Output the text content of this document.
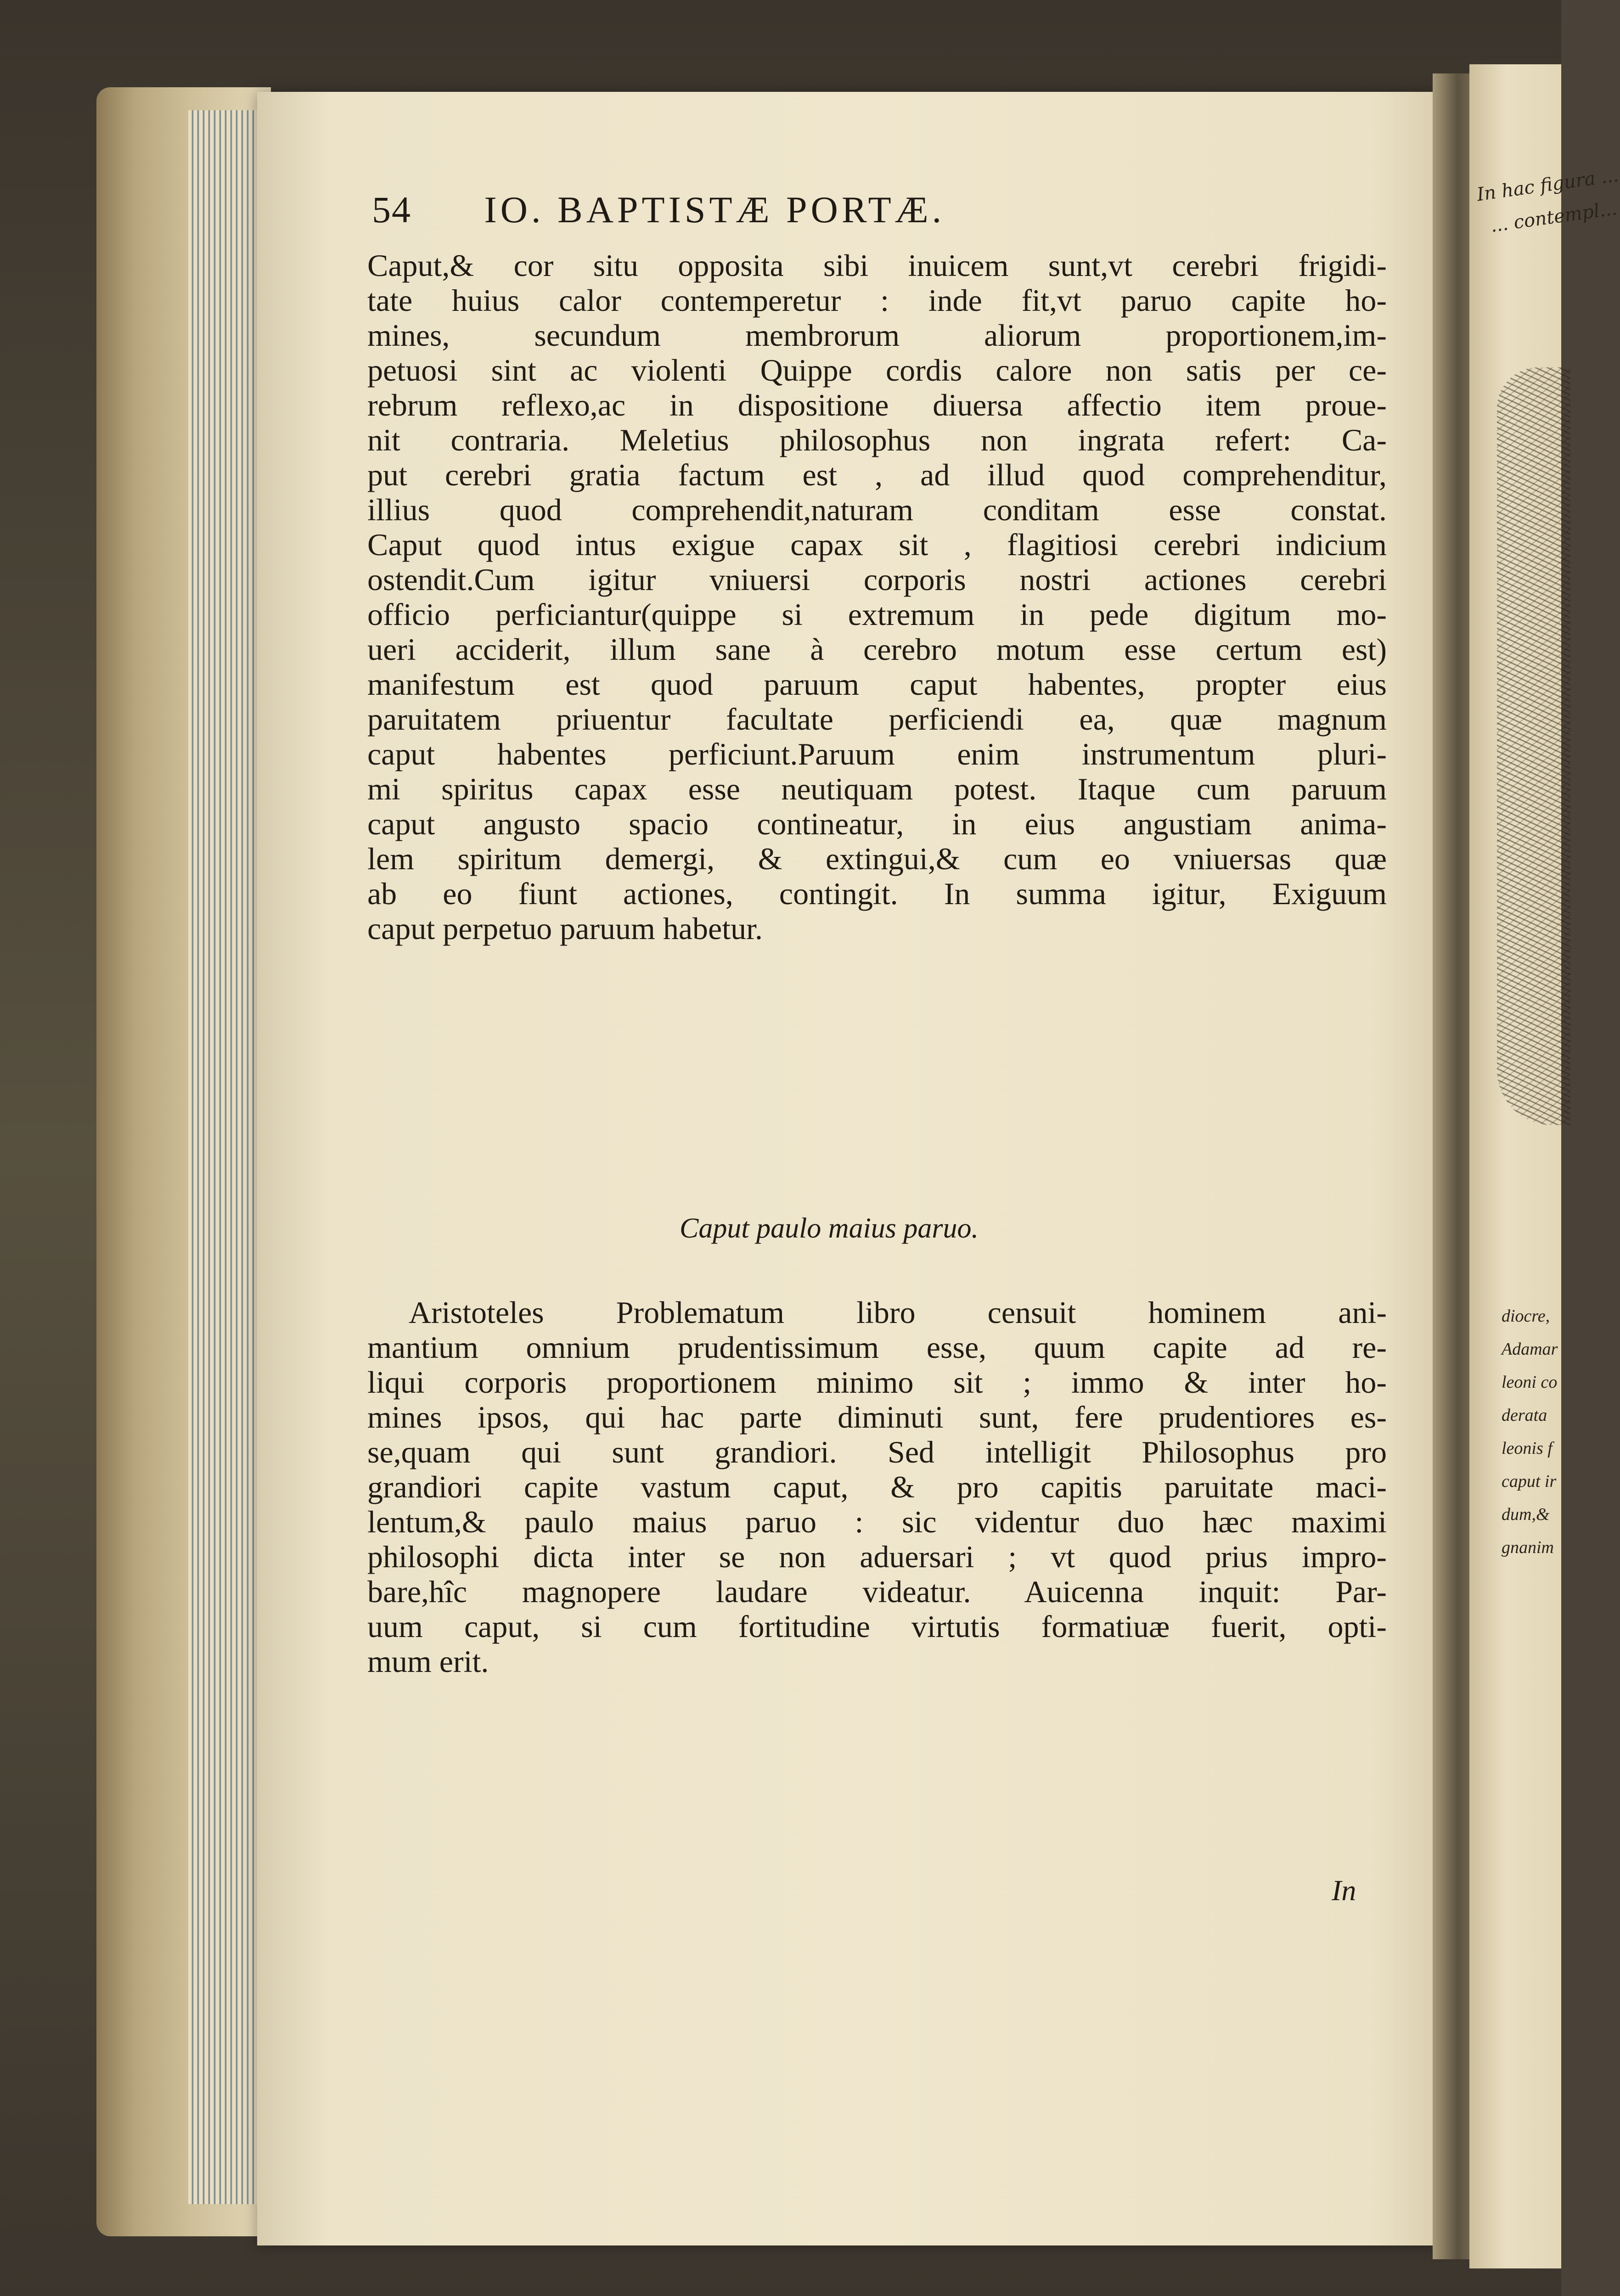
In hac figura ...
... contempl...
diocre,
Adamar
leoni co
derata
leonis f
caput ir
dum,&
gnanim
54 IO. BAPTISTÆ PORTÆ.
Caput,& cor situ opposita sibi inuicem sunt,vt cerebri frigidi-
tate huius calor contemperetur : inde fit,vt paruo capite ho-
mines, secundum membrorum aliorum proportionem,im-
petuosi sint ac violenti Quippe cordis calore non satis per ce-
rebrum reflexo,ac in dispositione diuersa affectio item proue-
nit contraria. Meletius philosophus non ingrata refert: Ca-
put cerebri gratia factum est , ad illud quod comprehenditur,
illius quod comprehendit,naturam conditam esse constat.
Caput quod intus exigue capax sit , flagitiosi cerebri indicium
ostendit.Cum igitur vniuersi corporis nostri actiones cerebri
officio perficiantur(quippe si extremum in pede digitum mo-
ueri acciderit, illum sane à cerebro motum esse certum est)
manifestum est quod paruum caput habentes, propter eius
paruitatem priuentur facultate perficiendi ea, quæ magnum
caput habentes perficiunt.Paruum enim instrumentum pluri-
mi spiritus capax esse neutiquam potest. Itaque cum paruum
caput angusto spacio contineatur, in eius angustiam anima-
lem spiritum demergi, & extingui,& cum eo vniuersas quæ
ab eo fiunt actiones, contingit. In summa igitur, Exiguum
caput perpetuo paruum habetur.
Caput paulo maius paruo.
Aristoteles Problematum libro censuit hominem ani-
mantium omnium prudentissimum esse, quum capite ad re-
liqui corporis proportionem minimo sit ; immo & inter ho-
mines ipsos, qui hac parte diminuti sunt, fere prudentiores es-
se,quam qui sunt grandiori. Sed intelligit Philosophus pro
grandiori capite vastum caput, & pro capitis paruitate maci-
lentum,& paulo maius paruo : sic videntur duo hæc maximi
philosophi dicta inter se non aduersari ; vt quod prius impro-
bare,hîc magnopere laudare videatur. Auicenna inquit: Par-
uum caput, si cum fortitudine virtutis formatiuæ fuerit, opti-
mum erit.
In
